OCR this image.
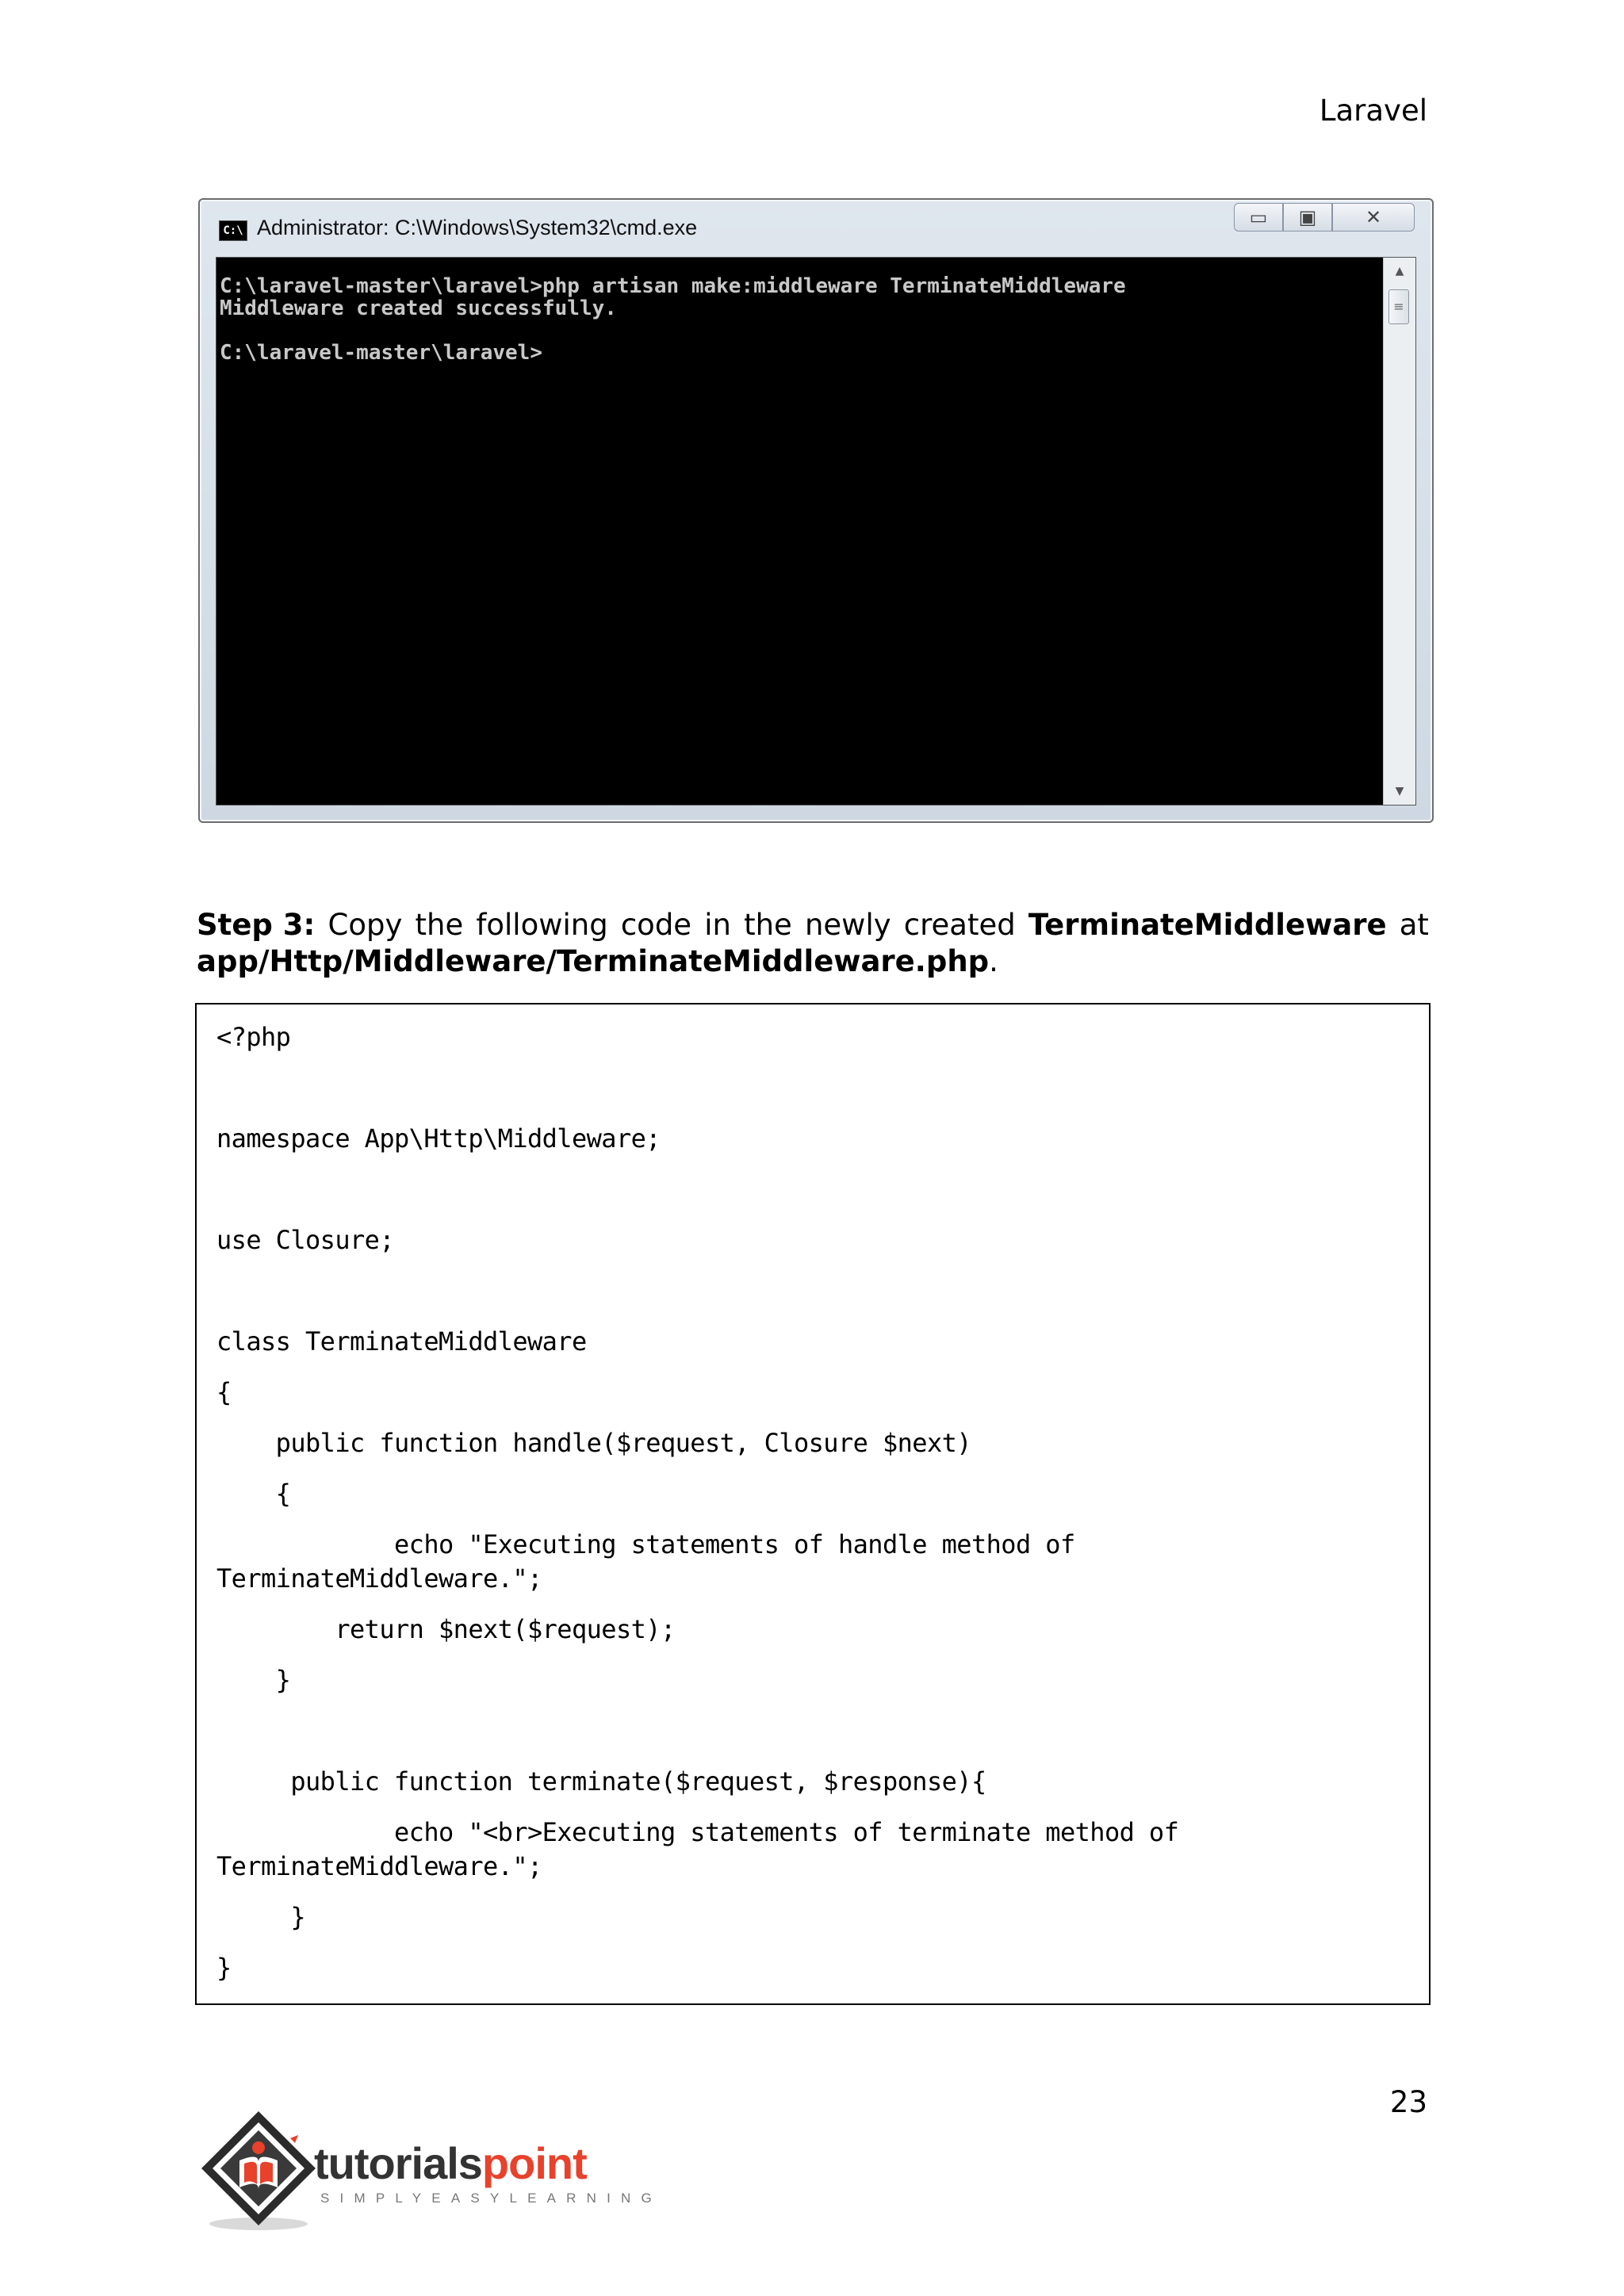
Laravel
C:\ Administrator: C:\Windows\System32\cmd.exe	▭	▣	✕
C:\laravel-master\laravel>php artisan make:middleware TerminateMiddleware
Middleware created successfully.

C:\laravel-master\laravel>
▲
≡
▼
Step 3: Copy the following code in the newly created TerminateMiddleware at
app/Http/Middleware/TerminateMiddleware.php.
<?php
namespace App\Http\Middleware;
use Closure;
class TerminateMiddleware
{
public function handle($request, Closure $next)
{
echo "Executing statements of handle method of
TerminateMiddleware.";
return $next($request);
}
public function terminate($request, $response){
echo "<br>Executing statements of terminate method of
TerminateMiddleware.";
}
}
23
tutorialspoint
SIMPLYEASYLEARNING
